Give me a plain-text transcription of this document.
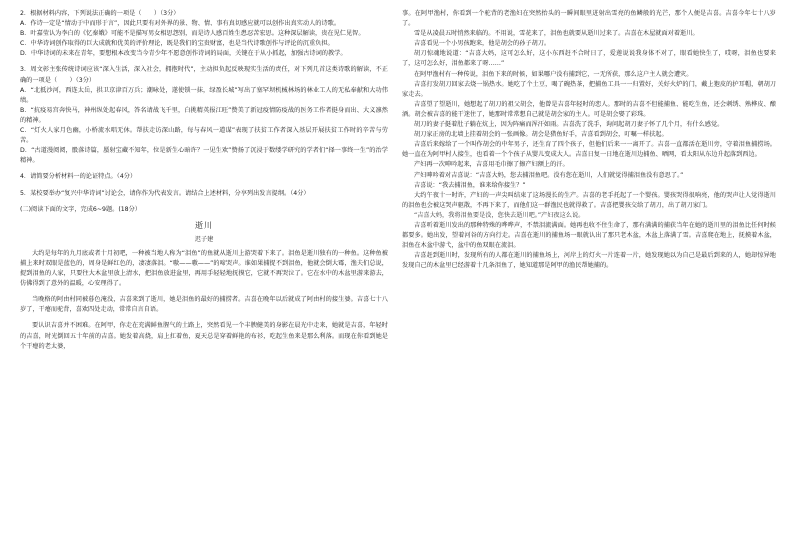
2．根据材料内容，下列说法正确的一项是（　　）（3分）

A．作诗一定是“情动于中而形于言”，因此只要有对外界的景、物、情、事有真切感应就可以创作出真实动人的诗歌。

B．叶嘉莹认为李白的《忆秦娥》可能不是描写男女相思怨别，而是诗人感百姓生患忍苦宏思。这种深层解读，贵在见仁见智。

C．中华诗词创作取得的巨大成就和优美的评价理论，既是我们的宝贵财富，也是当代诗歌创作与评论的沉重负担。

D．中华诗词的未来在青年，要想根本改变当今青少年不愿意创作诗词的局面，关键在于从小抓起，加强古诗词的教学。

3．周文彰主张传统诗词应该“深入生活，深入社会，拥抱时代”，主动担负起反映现实生活的责任，对下列几首这类诗歌的解读，不正确的一项是（　　）（3分）

A．“北抵沙河，西连太岳，拱卫京津百万兵；潮咏处，遂使锁一抹，绿盈长城”写出了塞罕坝机械林场的林业工人的无私奉献和大功伟绩。

B．“抗疫易宫奔快马，神州纵处起春风，答名请战飞千里，白挑精英报江旺”赞美了新冠疫情防疫战的医务工作者挺身而出、大义凛然的精神。

C．“灯火人家月色幽，小桥流水唱无休。帮扶走访深山路，每与春风一道谋”表现了扶贫工作者深入基层开展扶贫工作时的辛苦与劳苦。

D．“古道漫阅阅，骰落诗篇，蜃射宝藏不知年，位是新生心暗许？一见生欢”赞扬了沉浸于数缕学研究的学者们“择一事终一生”的治学精神。

4．请简要分析材料一的论证特点。（4分）

5．某校要举办“复兴中华诗词”讨论会，请你作为代表发言。请结合上述材料，分享列出发言提纲。（4分）

(二)阅读下面的文字，完成6~9题。(18分）

逝川
迟子建

大约是每年的九月底或者十月初吧，一种被当地人称为“泪鱼”的鱼就从逝川上游哭着下来了。泪鱼是逝川独有的一种鱼。这种鱼被捕上来时双眼是蓝色的，周身是鲜红色的，凄凄落泪。“嗷——嗷——”的啼哭声。谁如果捕捉不到泪鱼，他就会倒大霉，渔夫们总说，捉到泪鱼的人家，只要往大木盆里放上清水，把泪鱼放进盆里，再用手轻轻地抚摸它，它就不再哭泣了。它在水中的木盆里游来游去，仿佛得到了意外的温暖，心安理得了。

当晚格的阿由村同被暮色淹没，吉喜来到了逝川，她是泪鱼的最好的捕捞者。吉喜在晚年以后就成了阿由村的接生婆。吉喜七十八岁了，干瘪而驼背，喜欢四处走动，常常自言自语。

要认识吉喜并不困难。在阿甲，你走在充满鲜鱼腥气的土路上，突然看见一个丰腴健美的身影在晨光中走来，她就是吉喜，年轻时的吉喜，时光倒回五十年前的吉喜。她发着高烧，肩上扛着鱼，夏天总是穿着鲜艳的布衫，吃起生鱼来是那么利落。而现在你看到她是个干瘪的老太婆，

事。在阿甲渔村，你看到一个驼背的老渔妇在突然抬头的一瞬间眼里迸射出雪亮的鱼鳞般的光芒，那个人便是吉喜。吉喜今年七十八岁了。

雪是从凌晨五时悄然来临的。不用说，雪花来了，泪鱼也就要从逝川过来了。吉喜在木屋就面对着逝川。

吉喜看见一个小男孩跑来，他是胡会的孙子胡刀。

胡刀惊魂地说道：“吉喜大妈，这可怎么好，这小东西赶不合时日了，爱莲说说我身体不对了，眼看她快生了，哎呀，泪鱼也要来了，这可怎么好，泪鱼都来了呀……”

在阿甲渔村有一种传说，泪鱼下来的时候，如果哪户没有捕到它，一无所获，那么这户主人就会遭灾。

吉喜打发胡刀回家去烧一锅热水。她吃了个土豆，喝了碗热茶，把捕鱼工具一一归置好，关好火炉的门，戴上狍皮的护耳帽，朝胡刀家走去。

吉喜望了望逝川，她想起了胡刀的祖父胡会，他曾是吉喜年轻时的恋人。那时的吉喜不但能捕鱼、能吃生鱼，还会刺绣、熟桦皮、酿酒。胡会被吉喜的能干迷住了，她那时常常想自己就是胡会家的主人。可是胡会娶了彩珠。

胡刀的妻子挺着肚子躺在炕上，因为阵痛而浑汗如雨。吉喜洗了洗手，询问起胡刀妻子怀了几个月，有什么感觉。

胡刀家正房的北墙上挂着胡会的一张画像。胡会是猎鱼好手，吉喜看到胡会，叮嘱一样扶起。

吉喜后来嫁给了一个叫作胡会的中年男子，还生育了四个孩子，但他们后来一一离开了。吉喜一直都活在逝川旁，守着泪鱼捕捞场。她一直在为阿甲村人接生，也看着一个个孩子从婴儿变成大人。吉喜日复一日地在逝川边捕鱼、晒网，看太阳从东边升起落到西边。

产妇再一次呻吟起来，吉喜用毛巾擦了擦产妇额上的汗。

产妇呻吟着对吉喜说：“吉喜大妈，您去捕泪鱼吧。没有您在逝川，人们就觉得捕泪鱼没有意思了。”

吉喜说：“我去捕泪鱼，谁来给你接生？”

大约午夜十一时许，产妇的一声尖叫结束了这场漫长的生产。吉喜的老手托起了一个婴孩。婴孩哭得很响亮，他的哭声让人觉得逝川的泪鱼也会被这哭声驱散，不再下来了，而他们这一群渔民也就得救了。吉喜把婴孩交给了胡刀，出了胡刀家门。

“吉喜大妈，我将泪鱼要是没，您快去逝川吧。”产妇夜这么说。

吉喜听着逝川发出的那种特殊的哗哗声，不禁泪流满面。她再也收不住生命了，那有满满的捕获当年在她的逝川里的泪鱼比任何时候都要多。她出发，望着河谷的方向行走。吉喜在逝川的捕鱼场一眼就认出了那只老木盆，木盆上落满了雪。吉喜爬在地上，抚摸着木盆，泪鱼在木盆中游弋，盆中的鱼双眼在流泪。

吉喜赶到逝川时，发现所有的人都在逝川的捕鱼场上，河岸上的灯火一片连着一片，她发现她以为自己是最后到来的人，她却惊异地发现自己的木盆里已经游着十几条泪鱼了，她知道那是阿甲的渔民帮她捕的。
